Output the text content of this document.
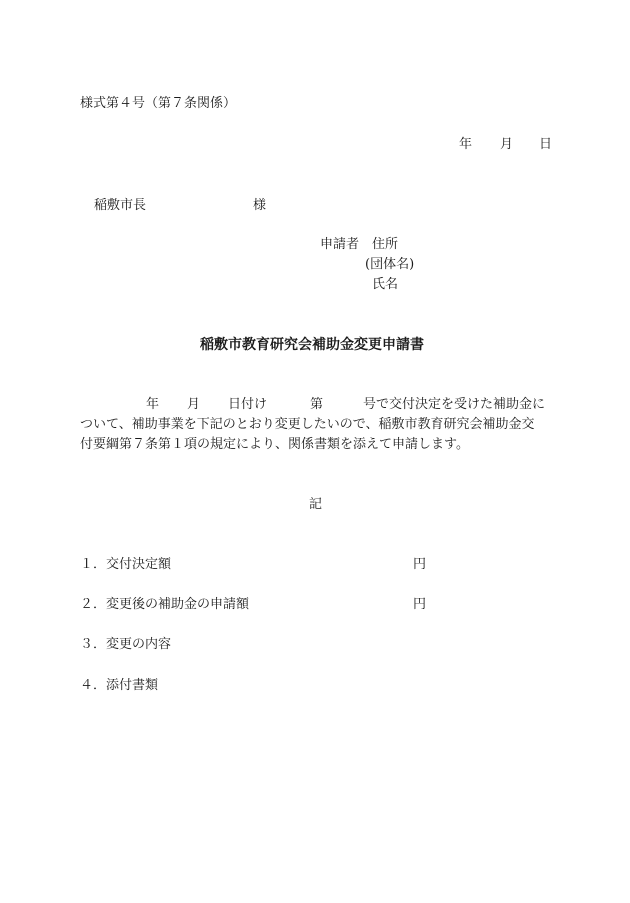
様式第４号（第７条関係）
年 月 日
稲敷市長	様
申請者 住所
(団体名)
氏名
稲敷市教育研究会補助金変更申請書
年 月 日付け	第	号で交付決定を受けた補助金に
ついて、補助事業を下記のとおり変更したいので、稲敷市教育研究会補助金交
付要綱第７条第１項の規定により、関係書類を添えて申請します。
記
１．交付決定額	円
２．変更後の補助金の申請額	円
３．変更の内容
４．添付書類
